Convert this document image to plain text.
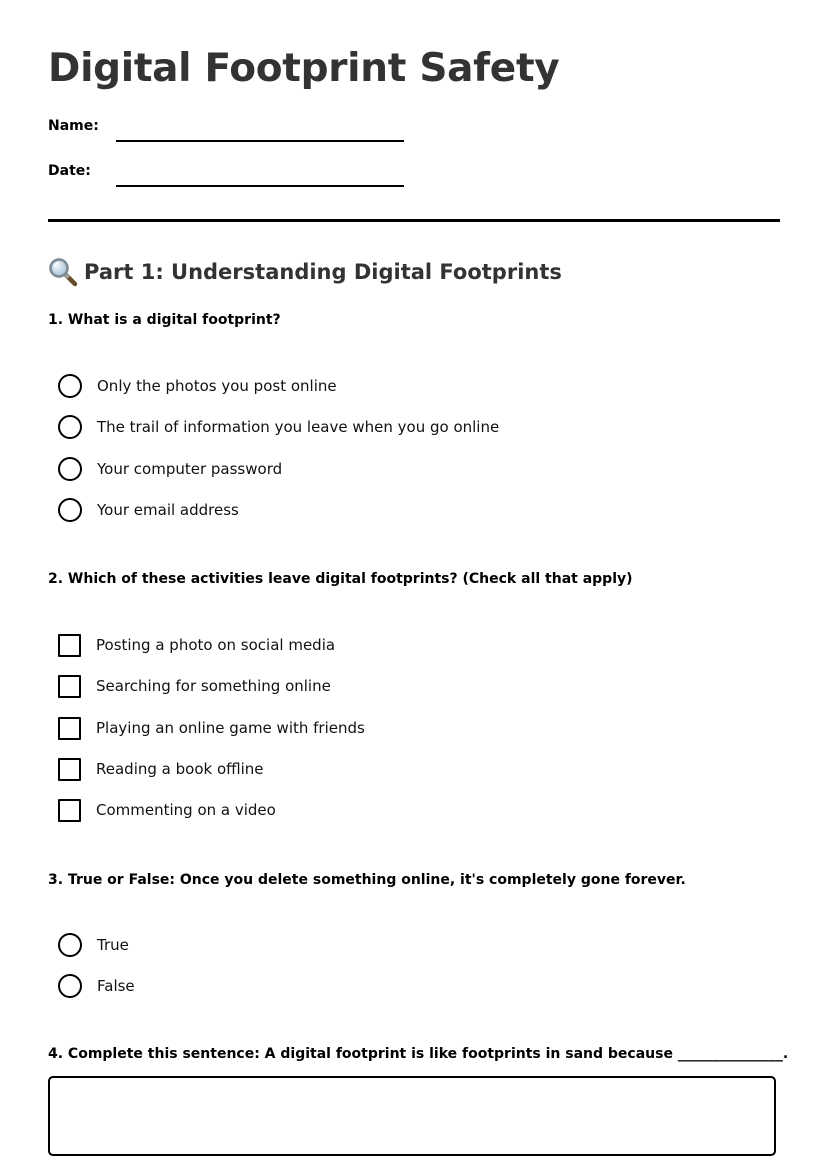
Digital Footprint Safety
Name:
Date:
Part 1: Understanding Digital Footprints
1. What is a digital footprint?
Only the photos you post online
The trail of information you leave when you go online
Your computer password
Your email address
2. Which of these activities leave digital footprints? (Check all that apply)
Posting a photo on social media
Searching for something online
Playing an online game with friends
Reading a book offline
Commenting on a video
3. True or False: Once you delete something online, it's completely gone forever.
True
False
4. Complete this sentence: A digital footprint is like footprints in sand because _______________.
